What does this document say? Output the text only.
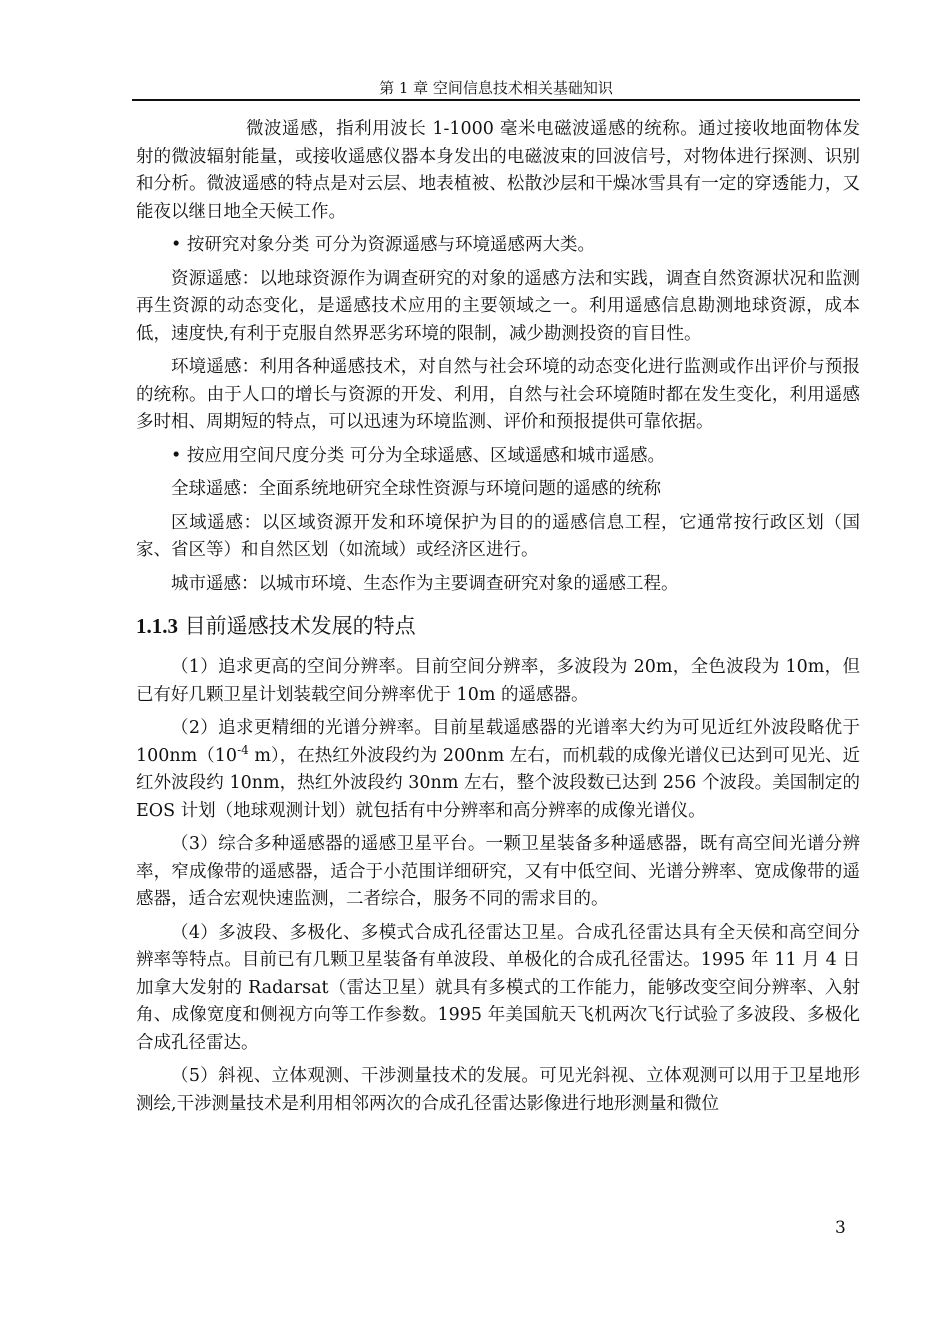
第 1 章 空间信息技术相关基础知识

微波遥感，指利用波长 1-1000 毫米电磁波遥感的统称。通过接收地面物体发射的微波辐射能量，或接收遥感仪器本身发出的电磁波束的回波信号，对物体进行探测、识别和分析。微波遥感的特点是对云层、地表植被、松散沙层和干燥冰雪具有一定的穿透能力，又能夜以继日地全天候工作。

• 按研究对象分类 可分为资源遥感与环境遥感两大类。

资源遥感：以地球资源作为调查研究的对象的遥感方法和实践，调查自然资源状况和监测再生资源的动态变化，是遥感技术应用的主要领域之一。利用遥感信息勘测地球资源，成本低，速度快,有利于克服自然界恶劣环境的限制，减少勘测投资的盲目性。

环境遥感：利用各种遥感技术，对自然与社会环境的动态变化进行监测或作出评价与预报的统称。由于人口的增长与资源的开发、利用，自然与社会环境随时都在发生变化，利用遥感多时相、周期短的特点，可以迅速为环境监测、评价和预报提供可靠依据。

• 按应用空间尺度分类 可分为全球遥感、区域遥感和城市遥感。

全球遥感：全面系统地研究全球性资源与环境问题的遥感的统称

区域遥感：以区域资源开发和环境保护为目的的遥感信息工程，它通常按行政区划（国家、省区等）和自然区划（如流域）或经济区进行。

城市遥感：以城市环境、生态作为主要调查研究对象的遥感工程。

1.1.3 目前遥感技术发展的特点

（1）追求更高的空间分辨率。目前空间分辨率，多波段为 20m，全色波段为 10m，但已有好几颗卫星计划装载空间分辨率优于 10m 的遥感器。

（2）追求更精细的光谱分辨率。目前星载遥感器的光谱率大约为可见近红外波段略优于 $100nm(10^{-4}$ m），在热红外波段约为 200nm 左右，而机载的成像光谱仪已达到可见光、近红外波段约 10nm，热红外波段约 30nm 左右，整个波段数已达到 256 个波段。美国制定的 EOS 计划（地球观测计划）就包括有中分辨率和高分辨率的成像光谱仪。

（3）综合多种遥感器的遥感卫星平台。一颗卫星装备多种遥感器，既有高空间光谱分辨率，窄成像带的遥感器，适合于小范围详细研究，又有中低空间、光谱分辨率、宽成像带的遥感器，适合宏观快速监测，二者综合，服务不同的需求目的。

（4）多波段、多极化、多模式合成孔径雷达卫星。合成孔径雷达具有全天侯和高空间分辨率等特点。目前已有几颗卫星装备有单波段、单极化的合成孔径雷达。1995 年 11 月 4 日加拿大发射的 Radarsat（雷达卫星）就具有多模式的工作能力，能够改变空间分辨率、入射角、成像宽度和侧视方向等工作参数。1995 年美国航天飞机两次飞行试验了多波段、多极化合成孔径雷达。

（5）斜视、立体观测、干涉测量技术的发展。可见光斜视、立体观测可以用于卫星地形测绘,干涉测量技术是利用相邻两次的合成孔径雷达影像进行地形测量和微位

3
